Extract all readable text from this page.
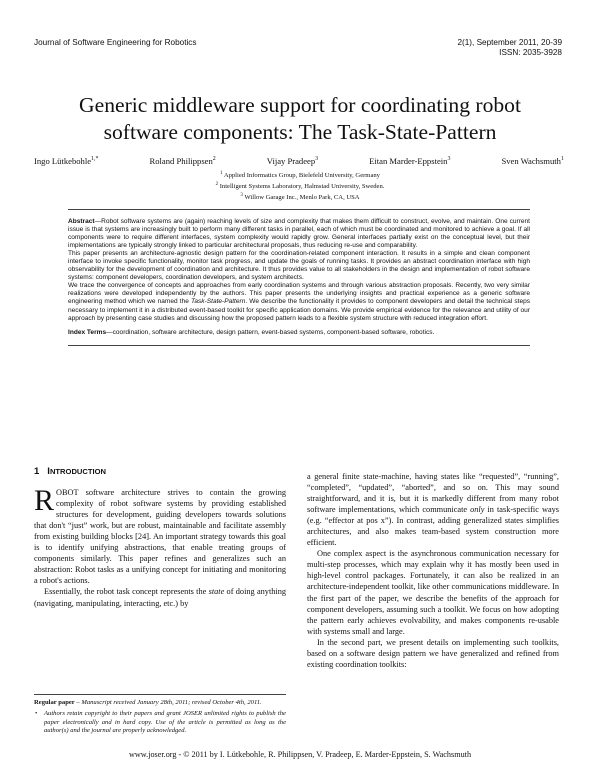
Journal of Software Engineering for Robotics	2(1), September 2011, 20-39
ISSN: 2035-3928
Generic middleware support for coordinating robot
software components: The Task-State-Pattern
Ingo Lütkebohle$^{1,*}$	Roland Philippsen$^2$	Vijay Pradeep$^3$	Eitan Marder-Eppstein$^3$	Sven Wachsmuth$^1$
$^1$ Applied Informatics Group, Bielefeld University, Germany
$^2$ Intelligent Systems Laboratory, Halmstad University, Sweden.
$^3$ Willow Garage Inc., Menlo Park, CA, USA

Abstract—Robot software systems are (again) reaching levels of size and complexity that makes them difficult to construct, evolve, and maintain. One current issue is that systems are increasingly built to perform many different tasks in parallel, each of which must be coordinated and monitored to achieve a goal. If all components were to require different interfaces, system complexity would rapidly grow. General interfaces partially exist on the conceptual level, but their implementations are typically strongly linked to particular architectural proposals, thus reducing re-use and comparability.

This paper presents an architecture-agnostic design pattern for the coordination-related component interaction. It results in a simple and clean component interface to invoke specific functionality, monitor task progress, and update the goals of running tasks. It provides an abstract coordination interface with high observability for the development of coordination and architecture. It thus provides value to all stakeholders in the design and implementation of robot software systems: component developers, coordination developers, and system architects.

We trace the convergence of concepts and approaches from early coordination systems and through various abstraction proposals. Recently, two very similar realizations were developed independently by the authors. This paper presents the underlying insights and practical experience as a generic software engineering method which we named the Task-State-Pattern. We describe the functionality it provides to component developers and detail the technical steps necessary to implement it in a distributed event-based toolkit for specific application domains. We provide empirical evidence for the relevance and utility of our approach by presenting case studies and discussing how the proposed pattern leads to a flexible system structure with reduced integration effort.

Index Terms—coordination, software architecture, design pattern, event-based systems, component-based software, robotics.

1 INTRODUCTION

ROBOT software architecture strives to contain the growing complexity of robot software systems by providing established structures for development, guiding developers towards solutions that don't “just” work, but are robust, maintainable and facilitate assembly from existing building blocks [24]. An important strategy towards this goal is to identify unifying abstractions, that enable treating groups of components similarly. This paper refines and generalizes such an abstraction: Robot tasks as a unifying concept for initiating and monitoring a robot's actions.

Essentially, the robot task concept represents the state of doing anything (navigating, manipulating, interacting, etc.) by

Regular paper – Manuscript received January 28th, 2011; revised October 4th, 2011.

• Authors retain copyright to their papers and grant JOSER unlimited rights to publish the paper electronically and in hard copy. Use of the article is permitted as long as the author(s) and the journal are properly acknowledged.

a general finite state-machine, having states like “requested”, “running”, “completed”, “updated”, “aborted”, and so on. This may sound straightforward, and it is, but it is markedly different from many robot software implementations, which communicate only in task-specific ways (e.g. “effector at pos x”). In contrast, adding generalized states simplifies architectures, and also makes team-based system construction more efficient.

One complex aspect is the asynchronous communication necessary for multi-step processes, which may explain why it has mostly been used in high-level control packages. Fortunately, it can also be realized in an architecture-independent toolkit, like other communications middleware. In the first part of the paper, we describe the benefits of the approach for component developers, assuming such a toolkit. We focus on how adopting the pattern early achieves evolvability, and makes components re-usable with systems small and large.

In the second part, we present details on implementing such toolkits, based on a software design pattern we have generalized and refined from existing coordination toolkits:

www.joser.org - © 2011 by I. Lütkebohle, R. Philippsen, V. Pradeep, E. Marder-Eppstein, S. Wachsmuth
